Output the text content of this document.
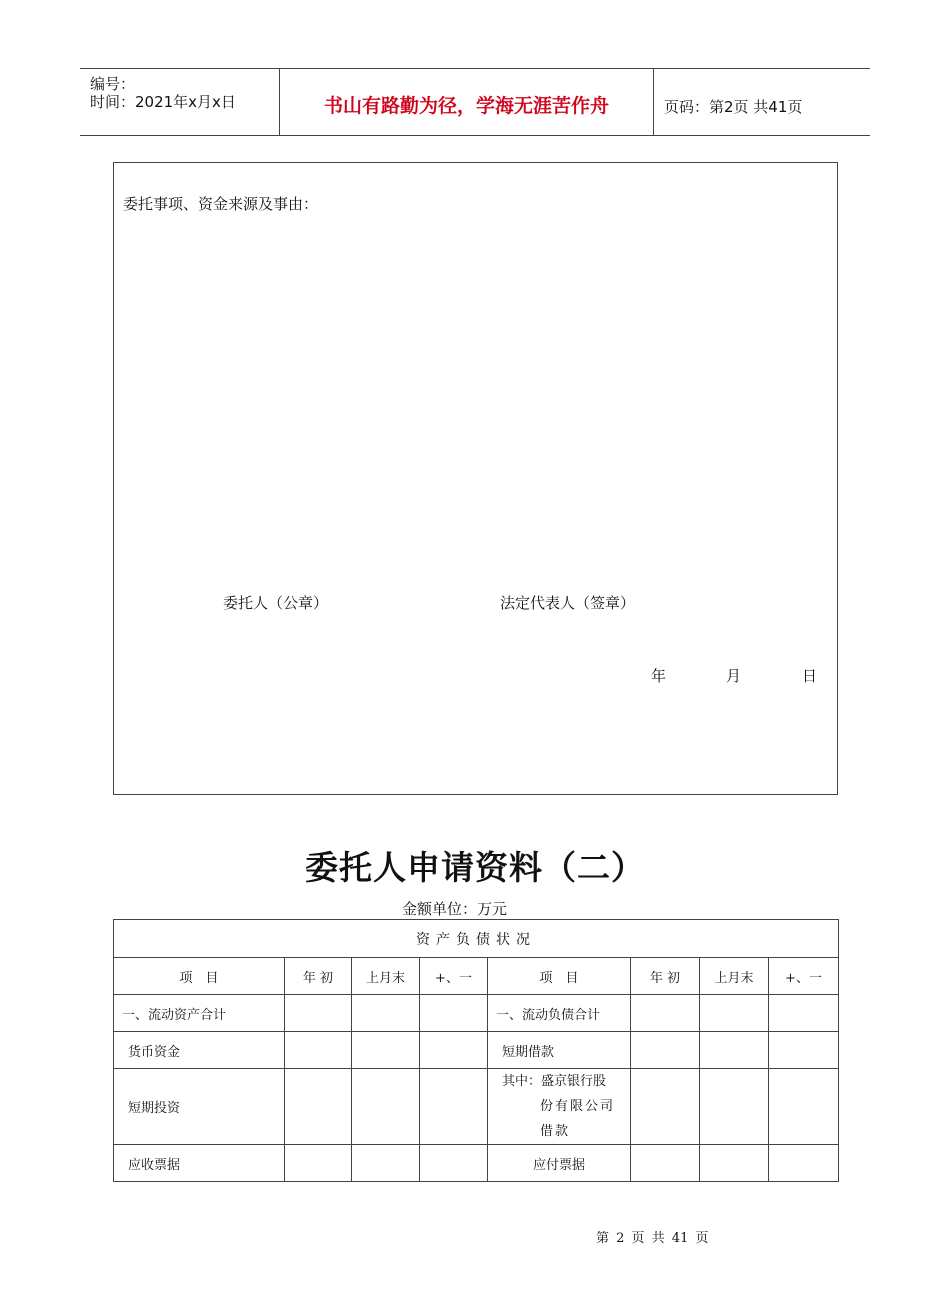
编号：
时间：2021年x月x日	书山有路勤为径，学海无涯苦作舟	页码：第2页 共41页
委托事项、资金来源及事由：
委托人（公章）	法定代表人（签章）
年	月	日
委托人申请资料（二）
金额单位：万元
资产负债状况							
项　目	年 初	上月末	+、一	项　目	年 初	上月末	+、一
一、流动资产合计				一、流动负债合计			
货币资金				短期借款			
短期投资				其中：盛京银行股
份有限公司
借款			

应收票据				应付票据			
第 2 页 共 41 页
